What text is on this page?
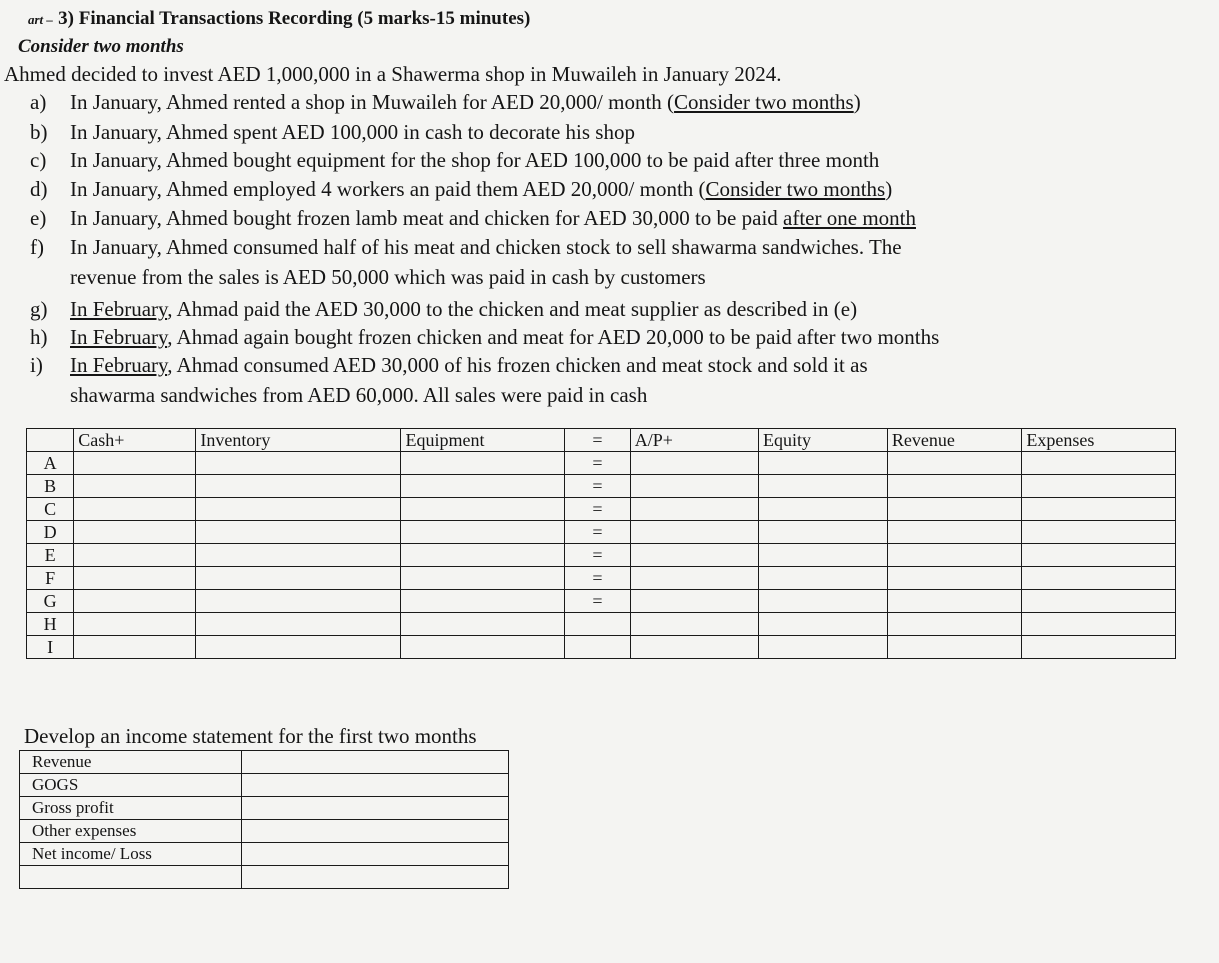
art – 3) Financial Transactions Recording (5 marks-15 minutes)
Consider two months
Ahmed decided to invest AED 1,000,000 in a Shawerma shop in Muwaileh in January 2024.
a) In January, Ahmed rented a shop in Muwaileh for AED 20,000/ month (Consider two months)
b) In January, Ahmed spent AED 100,000 in cash to decorate his shop
c) In January, Ahmed bought equipment for the shop for AED 100,000 to be paid after three month
d) In January, Ahmed employed 4 workers an paid them AED 20,000/ month (Consider two months)
e) In January, Ahmed bought frozen lamb meat and chicken for AED 30,000 to be paid after one month
f) In January, Ahmed consumed half of his meat and chicken stock to sell shawarma sandwiches. The
g) In February, Ahmad paid the AED 30,000 to the chicken and meat supplier as described in (e)
h) In February, Ahmad again bought frozen chicken and meat for AED 20,000 to be paid after two months
i) In February, Ahmad consumed AED 30,000 of his frozen chicken and meat stock and sold it as
revenue from the sales is AED 50,000 which was paid in cash by customers
shawarma sandwiches from AED 60,000. All sales were paid in cash
	Cash+	Inventory	Equipment	=	A/P+	Equity	Revenue	Expenses
A				=				
B				=				
C				=				
D				=				
E				=				
F				=				
G				=				
H								
I								
Develop an income statement for the first two months
Revenue	
GOGS	
Gross profit	
Other expenses	
Net income/ Loss	
